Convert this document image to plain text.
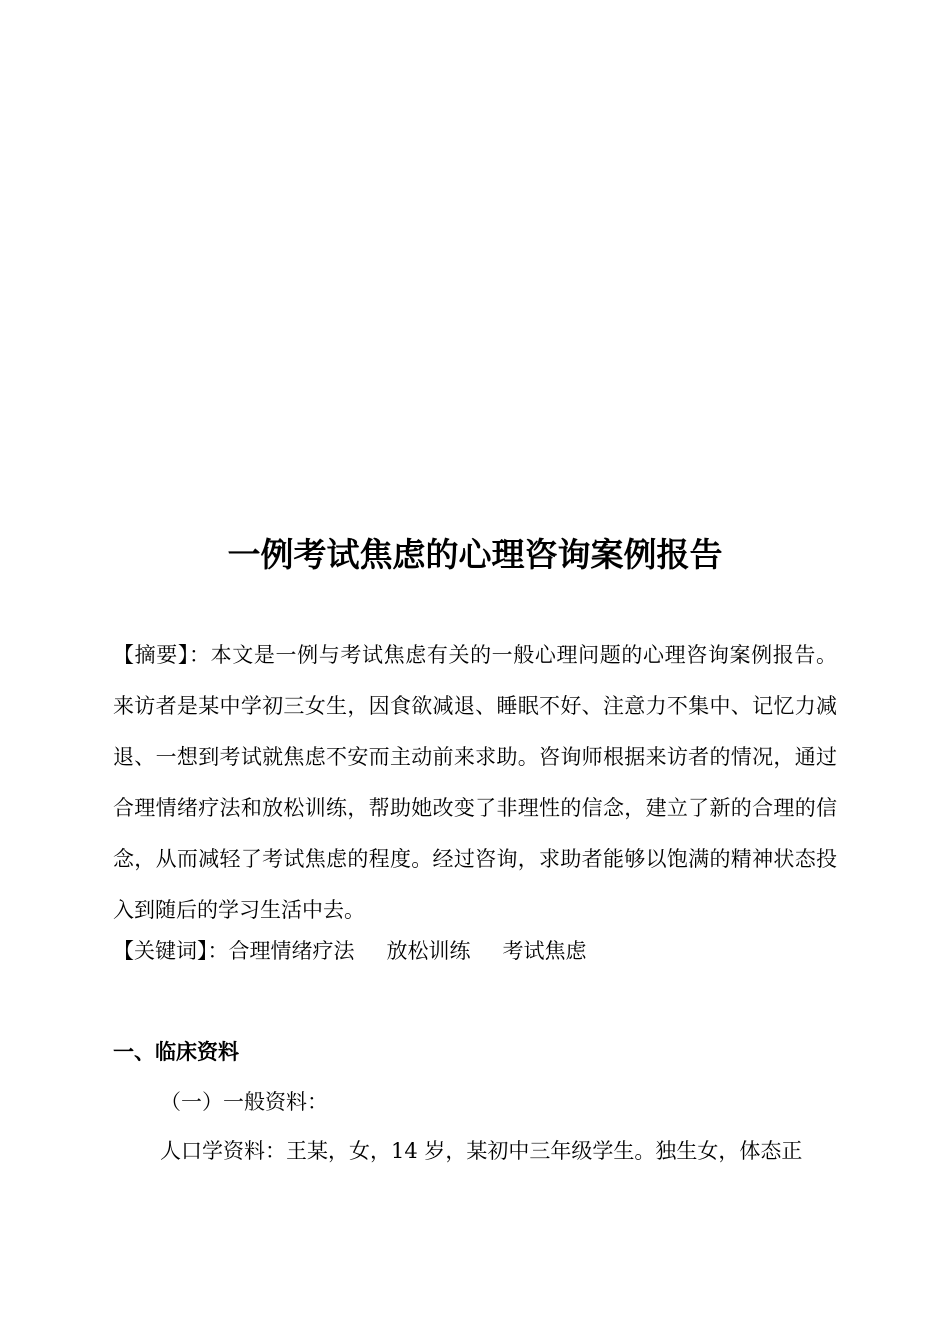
一例考试焦虑的心理咨询案例报告

【摘要】：本文是一例与考试焦虑有关的一般心理问题的心理咨询案例报告。来访者是某中学初三女生，因食欲减退、睡眠不好、注意力不集中、记忆力减退、一想到考试就焦虑不安而主动前来求助。咨询师根据来访者的情况，通过合理情绪疗法和放松训练，帮助她改变了非理性的信念，建立了新的合理的信念，从而减轻了考试焦虑的程度。经过咨询，求助者能够以饱满的精神状态投入到随后的学习生活中去。

【关键词】：合理情绪疗法 放松训练 考试焦虑

一、临床资料

（一）一般资料：

人口学资料：王某，女，14 岁，某初中三年级学生。独生女，体态正
